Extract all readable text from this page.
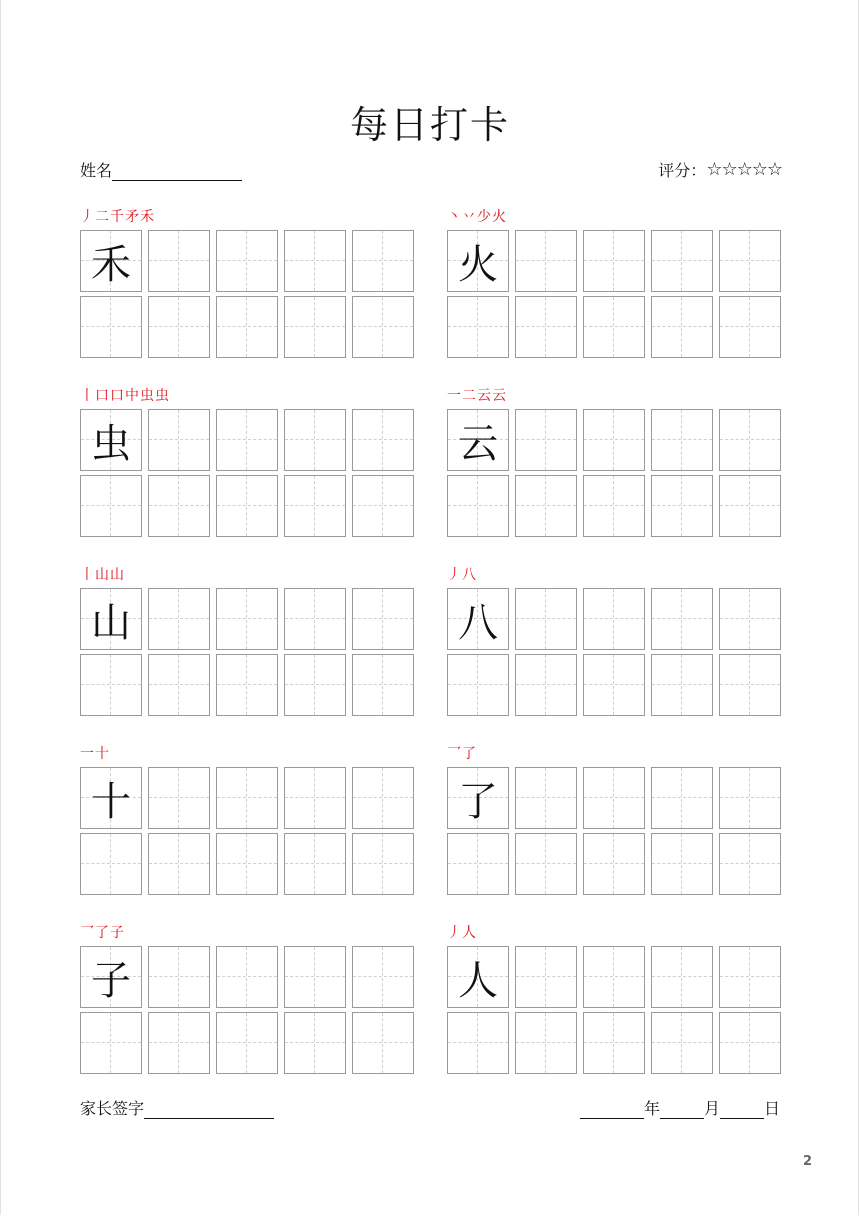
每日打卡
姓名	评分： ☆☆☆☆☆
丿 二 千 矛 禾
禾
丶 丷 少 火
火
丨 口 口 中 虫 虫
虫
一 二 云 云
云
丨 山 山
山
丿 八
八
一 十
十
乛 了
了
乛 了 子
子
丿 人
人
家长签字	年	月	日
2
